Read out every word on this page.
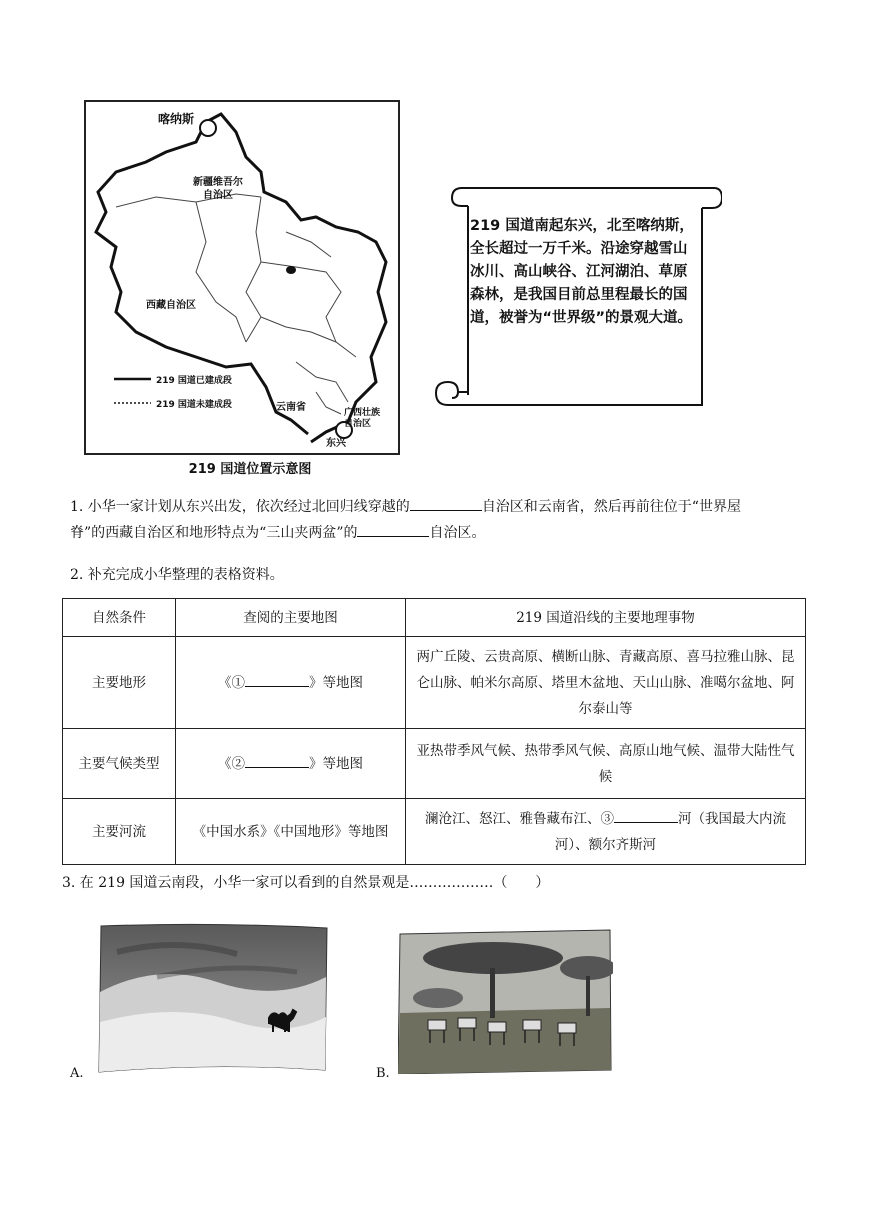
喀纳斯
新疆维吾尔
自治区
西藏自治区
云南省	广西壮族
自治区
东兴
219 国道已建成段
219 国道未建成段
219 国道位置示意图
219 国道南起东兴，北至喀纳斯，全长超过一万千米。沿途穿越雪山冰川、高山峡谷、江河湖泊、草原森林，是我国目前总里程最长的国道，被誉为“世界级”的景观大道。
1. 小华一家计划从东兴出发，依次经过北回归线穿越的	自治区和云南省，然后再前往位于“世界屋
脊”的西藏自治区和地形特点为“三山夹两盆”的	自治区。
2. 补充完成小华整理的表格资料。
自然条件	查阅的主要地图	219 国道沿线的主要地理事物
主要地形	《① 》等地图	两广丘陵、云贵高原、横断山脉、青藏高原、喜马拉雅山脉、昆仑山脉、帕米尔高原、塔里木盆地、天山山脉、准噶尔盆地、阿尔泰山等
主要气候类型	《② 》等地图	亚热带季风气候、热带季风气候、高原山地气候、温带大陆性气候
主要河流	《中国水系》《中国地形》等地图	澜沧江、怒江、雅鲁藏布江、③ 河（我国最大内流河）、额尔齐斯河
3. 在 219 国道云南段，小华一家可以看到的自然景观是………………（　　）
A.	B.
